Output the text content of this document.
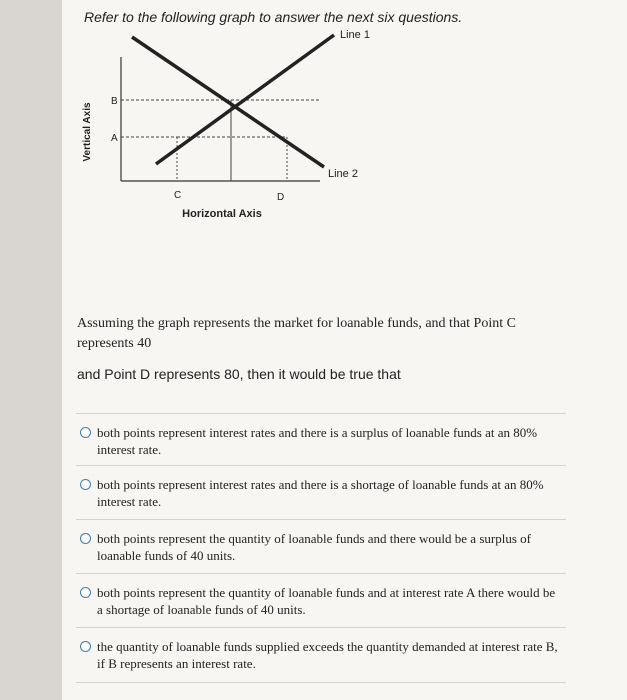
Refer to the following graph to answer the next six questions.
Vertical Axis
Line 1
Line 2
B
A
C	D
Horizontal Axis
Assuming the graph represents the market for loanable funds, and that Point C represents 40
and Point D represents 80, then it would be true that
both points represent interest rates and there is a surplus of loanable funds at an 80% interest rate.
both points represent interest rates and there is a shortage of loanable funds at an 80% interest rate.
both points represent the quantity of loanable funds and there would be a surplus of loanable funds of 40 units.
both points represent the quantity of loanable funds and at interest rate A there would be a shortage of loanable funds of 40 units.
the quantity of loanable funds supplied exceeds the quantity demanded at interest rate B, if B represents an interest rate.
